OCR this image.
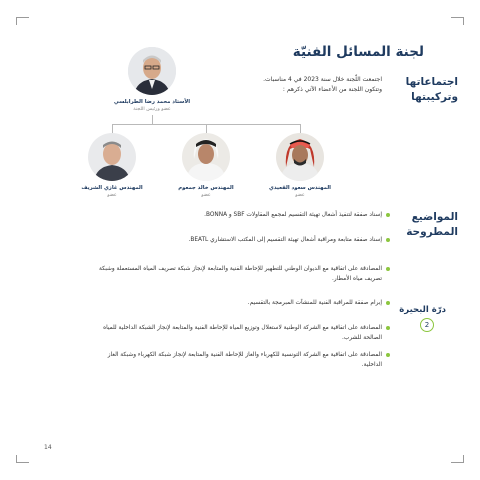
لجنة المسائل الفنيّة
اجتماعاتها وتركيبتها
المواضيع المطروحة
اجتمعت اللّجنة خلال سنة 2023 في 4 مناسبات.
وتتكون اللجنة من الأعضاء الآتي ذكرهم :
الأستاذ محمد رضا الطرابلسي
عضو ورئيس اللجنة
المهندس غازي الشريف
عضو
المهندس خالد جمعوم
عضو
المهندس سعود القعيدي
عضو
إسناد صفقة لتنفيذ أشغال تهيئة التقسيم لمجمع المقاولات SBF و BONNA.
إسناد صفقة متابعة ومراقبة أشغال تهيئة التقسيم إلى المكتب الاستشاري BEATL.
المصادقة على اتفاقية مع الديوان الوطني للتطهير للإحاطة الفنية والمتابعة لإنجاز شبكة تصريف المياه المستعملة وشبكة تصريف مياه الأمطار.
إبرام صفقة للمراقبة الفنية للمنشآت المبرمجة بالتقسيم.
المصادقة على اتفاقية مع الشركة الوطنية لاستغلال وتوزيع المياه للإحاطة الفنية والمتابعة لإنجاز الشبكة الداخلية للمياه الصالحة للشرب.
المصادقة على اتفاقية مع الشركة التونسية للكهرباء والغاز للإحاطة الفنية والمتابعة لإنجاز شبكة الكهرباء وشبكة الغاز الداخلية.
درّة البحيرة
2
14
